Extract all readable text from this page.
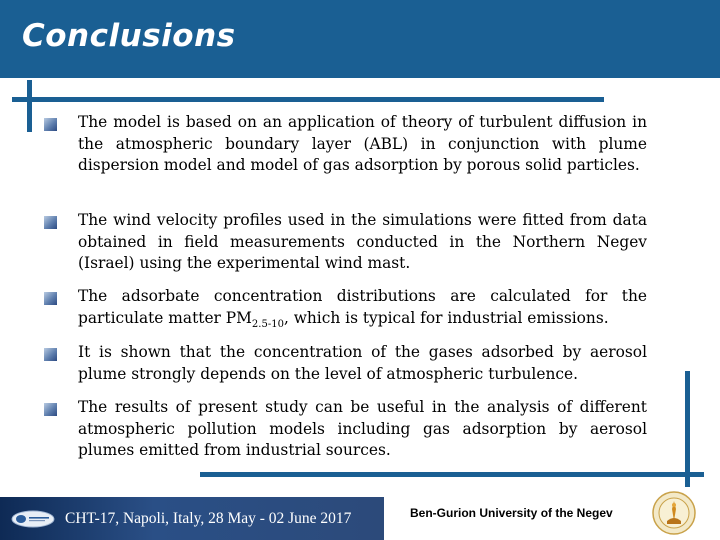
Conclusions

The model is based on an application of theory of turbulent diffusion in the atmospheric boundary layer (ABL) in conjunction with plume dispersion model and model of gas adsorption by porous solid particles.

The wind velocity profiles used in the simulations were fitted from data obtained in field measurements conducted in the Northern Negev (Israel) using the experimental wind mast.

The adsorbate concentration distributions are calculated for the particulate matter $PM_{2.5-10}$, which is typical for industrial emissions.

It is shown that the concentration of the gases adsorbed by aerosol plume strongly depends on the level of atmospheric turbulence.

The results of present study can be useful in the analysis of different atmospheric pollution models including gas adsorption by aerosol plumes emitted from industrial sources.

CHT-17, Napoli, Italy, 28 May - 02 June 2017	Ben-Gurion University of the Negev
